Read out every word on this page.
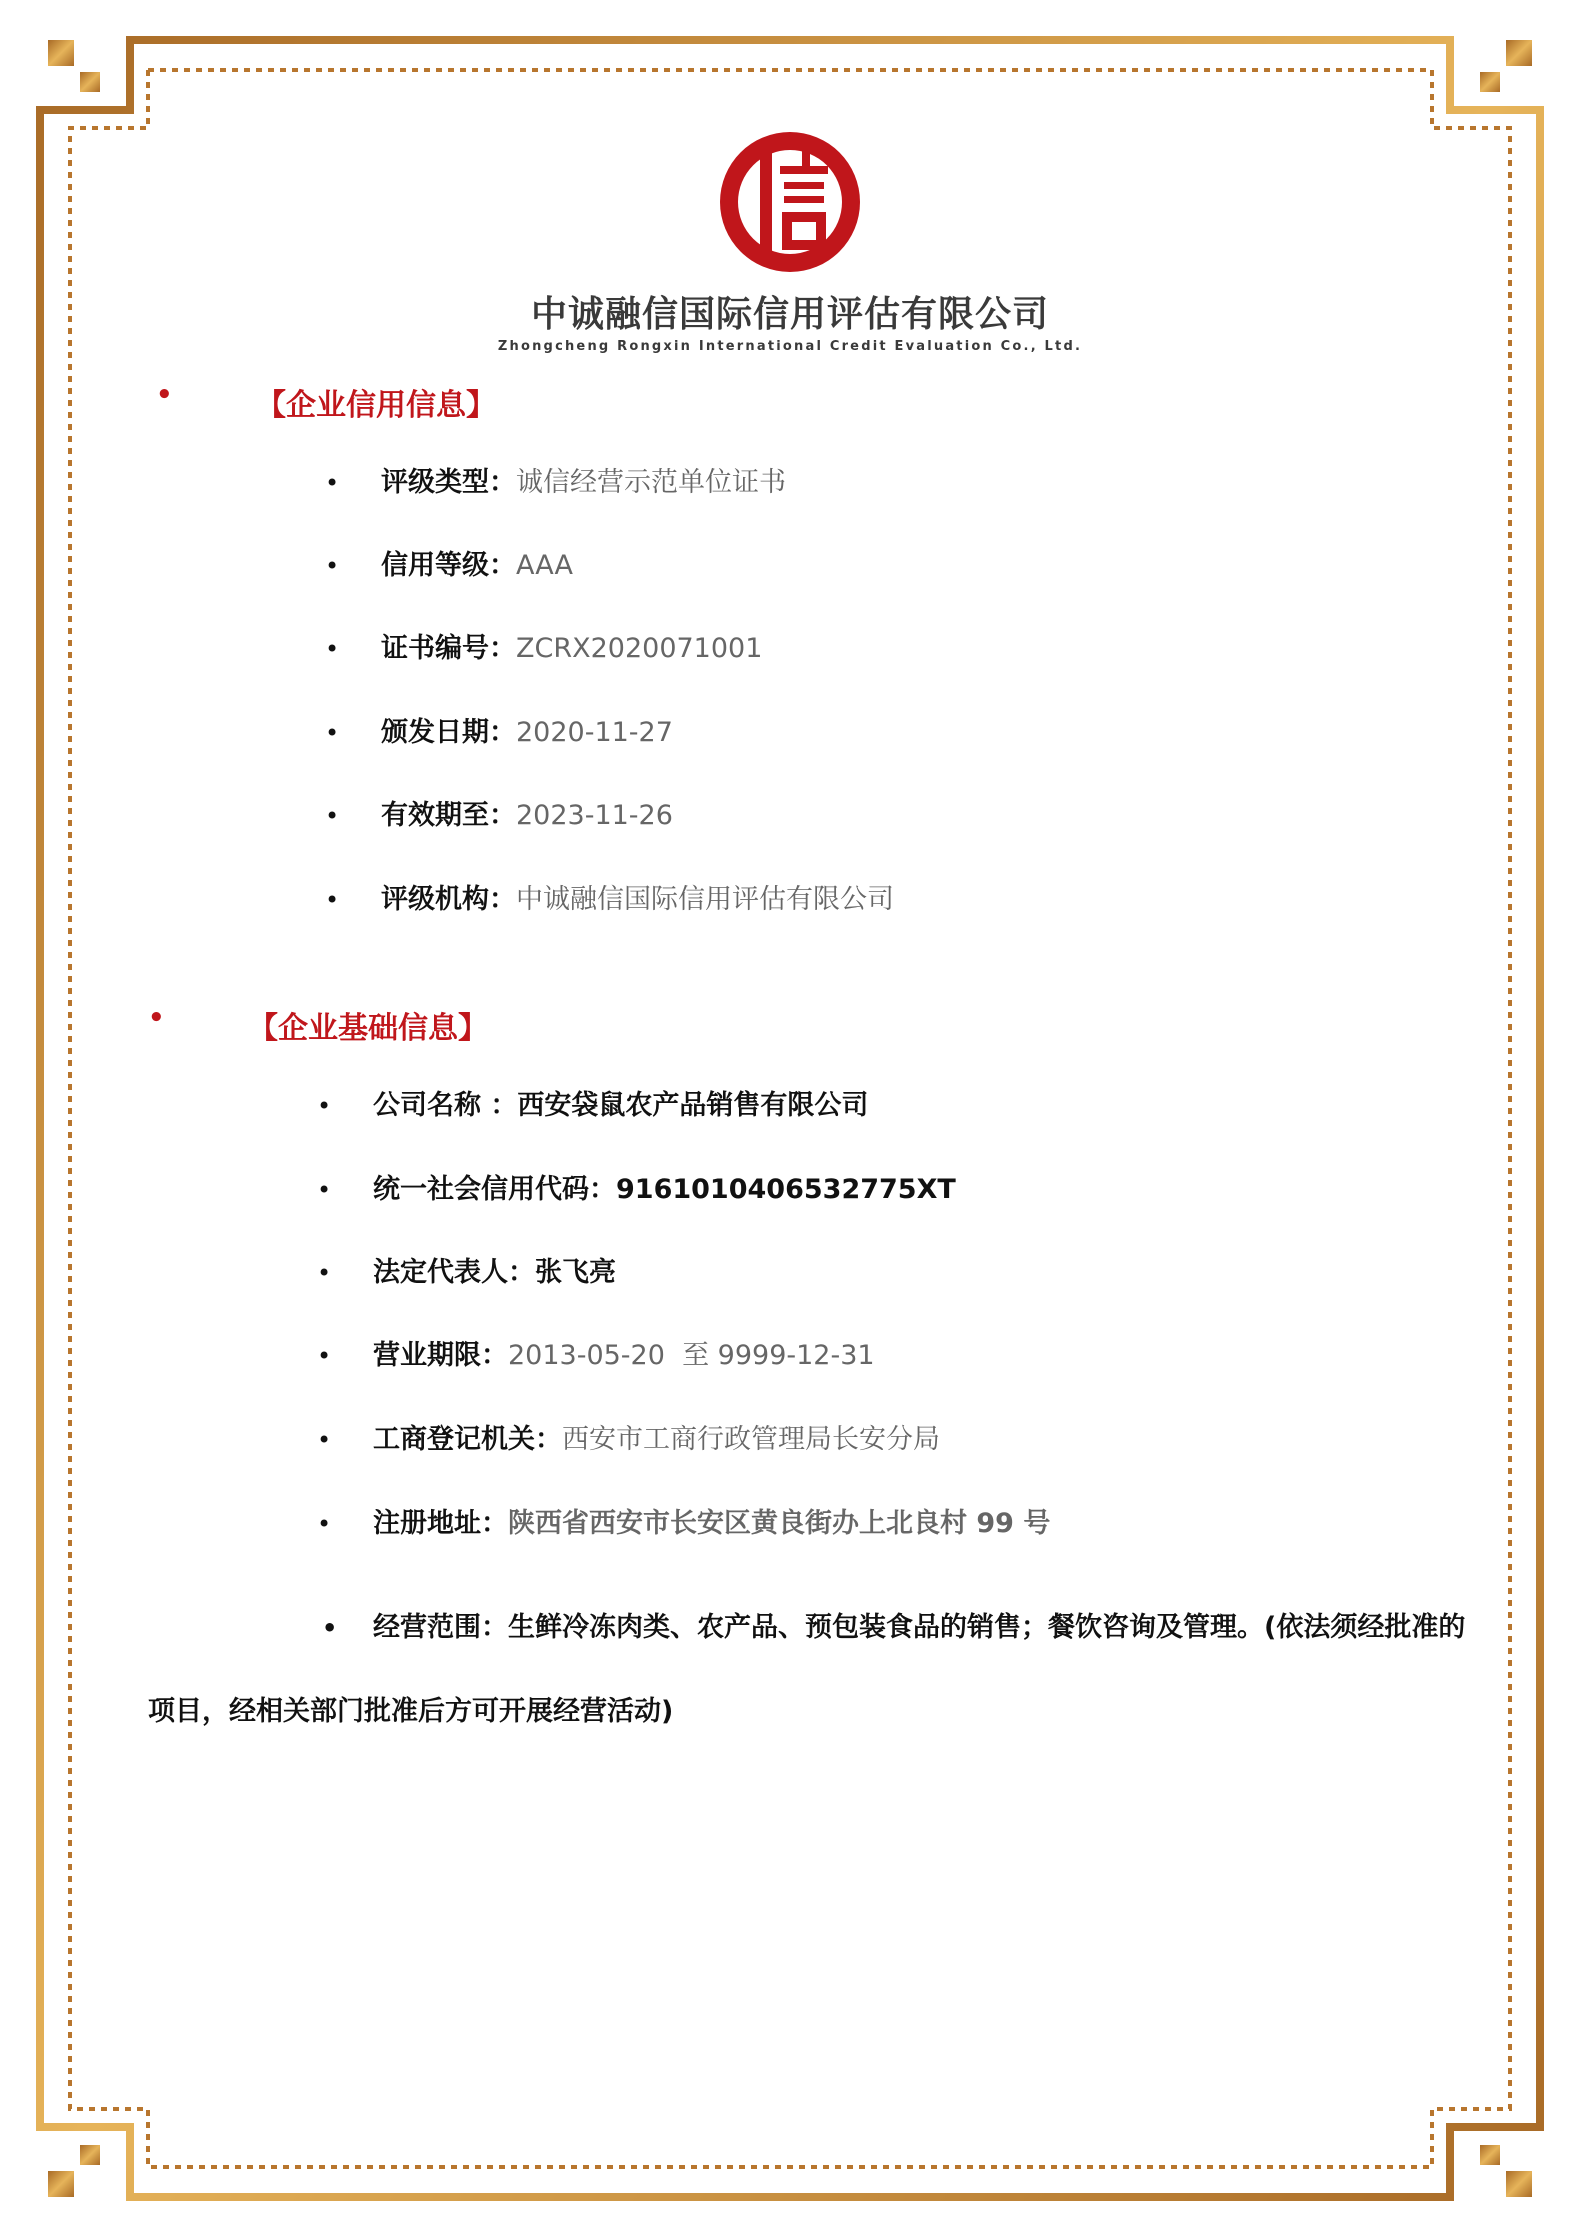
中诚融信国际信用评估有限公司
Zhongcheng Rongxin International Credit Evaluation Co., Ltd.
•	【企业信用信息】
• 评级类型：诚信经营示范单位证书
• 信用等级：AAA
• 证书编号：ZCRX2020071001
• 颁发日期：2020-11-27
• 有效期至：2023-11-26
• 评级机构：中诚融信国际信用评估有限公司
•	【企业基础信息】
• 公司名称 ：西安袋鼠农产品销售有限公司
• 统一社会信用代码：9161010406532775XT
• 法定代表人：张飞亮
• 营业期限：2013-05-20  至 9999-12-31
• 工商登记机关：西安市工商行政管理局长安分局
• 注册地址：陕西省西安市长安区黄良街办上北良村 99 号
• 经营范围：生鲜冷冻肉类、农产品、预包装食品的销售；餐饮咨询及管理。(依法须经批准的项目，经相关部门批准后方可开展经营活动)
